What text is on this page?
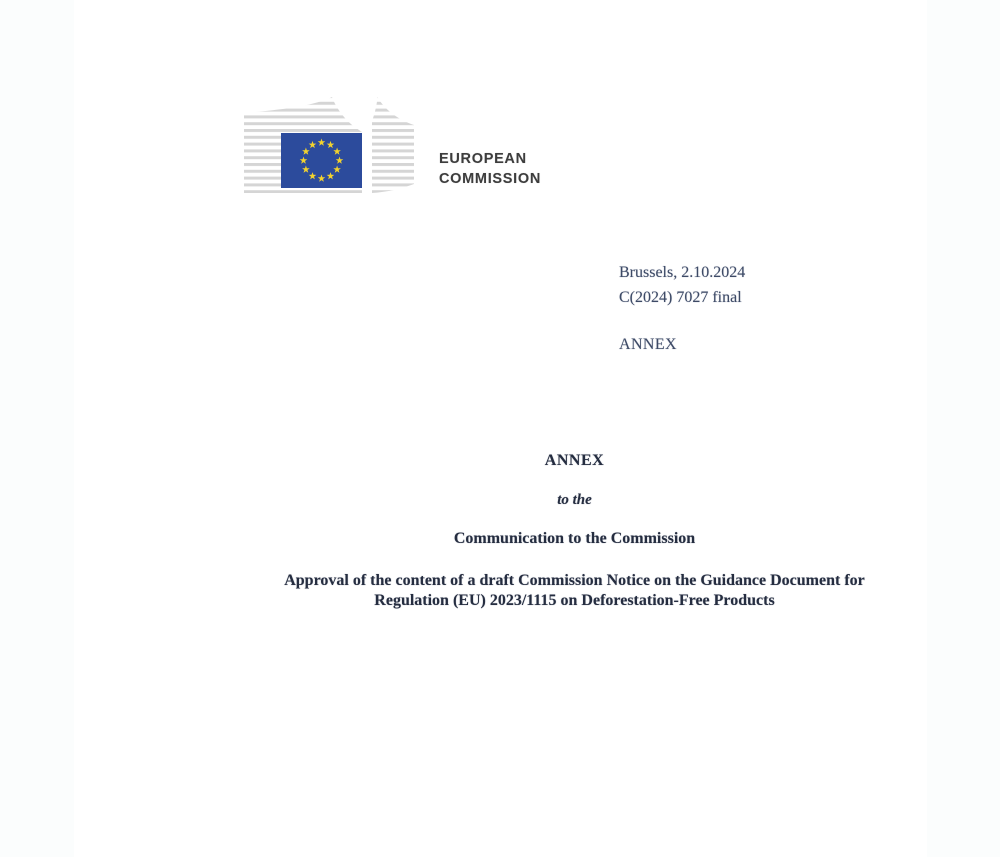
EUROPEAN
COMMISSION
Brussels, 2.10.2024
C(2024) 7027 final
ANNEX
ANNEX
to the
Communication to the Commission
Approval of the content of a draft Commission Notice on the Guidance Document for
Regulation (EU) 2023/1115 on Deforestation-Free Products
